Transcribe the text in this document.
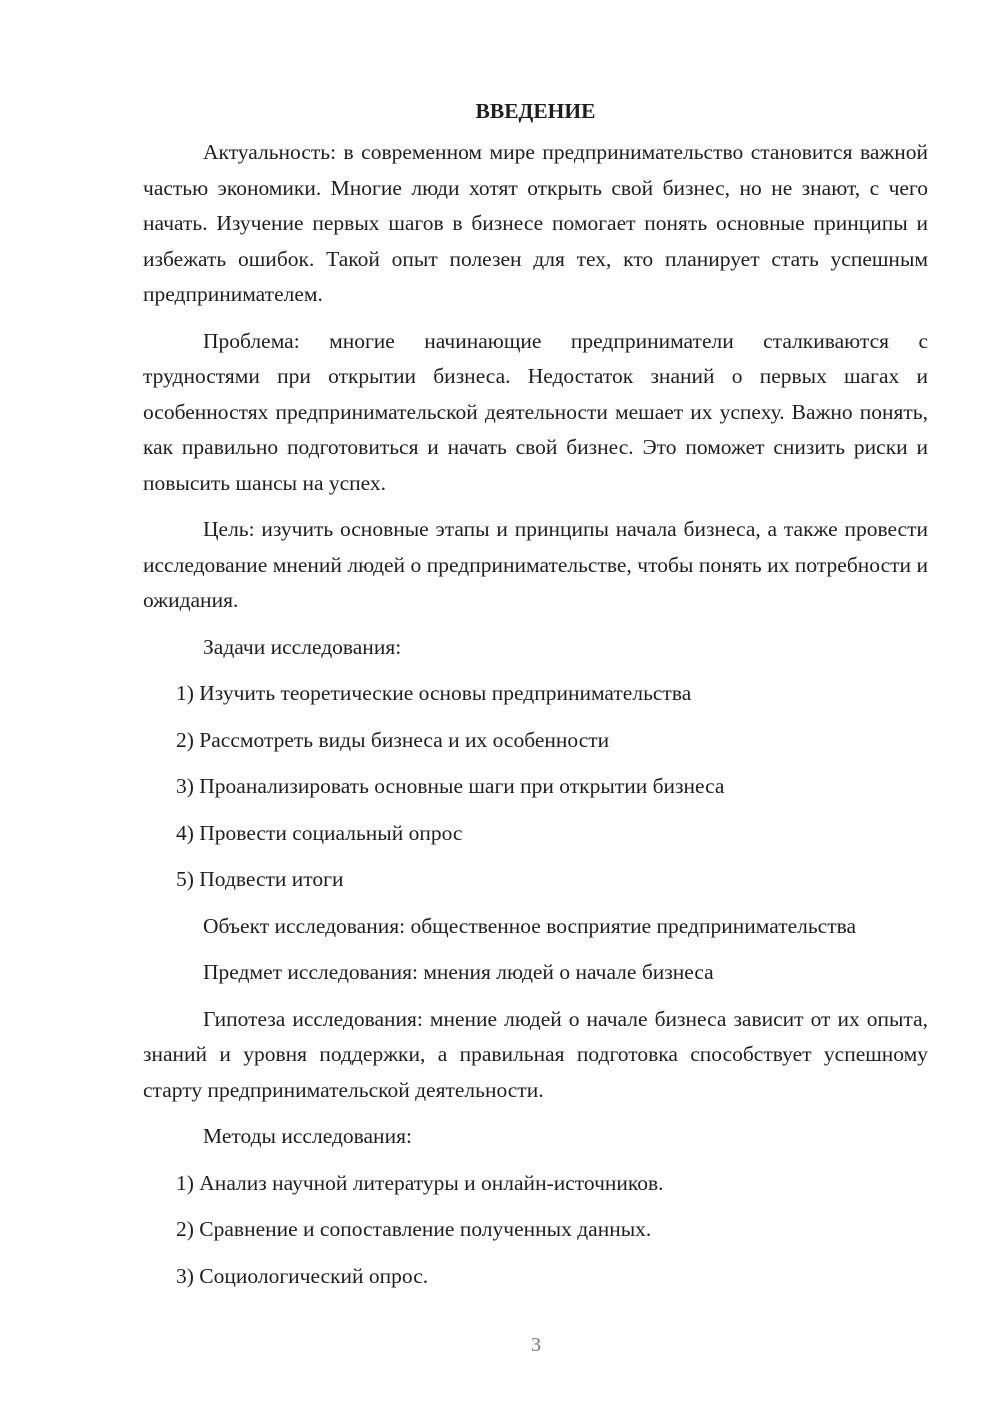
ВВЕДЕНИЕ

Актуальность: в современном мире предпринимательство становится важной частью экономики. Многие люди хотят открыть свой бизнес, но не знают, с чего начать. Изучение первых шагов в бизнесе помогает понять основные принципы и избежать ошибок. Такой опыт полезен для тех, кто планирует стать успешным предпринимателем.

Проблема: многие начинающие предприниматели сталкиваются с трудностями при открытии бизнеса. Недостаток знаний о первых шагах и особенностях предпринимательской деятельности мешает их успеху. Важно понять, как правильно подготовиться и начать свой бизнес. Это поможет снизить риски и повысить шансы на успех.

Цель: изучить основные этапы и принципы начала бизнеса, а также провести исследование мнений людей о предпринимательстве, чтобы понять их потребности и ожидания.

Задачи исследования:

1) Изучить теоретические основы предпринимательства

2) Рассмотреть виды бизнеса и их особенности

3) Проанализировать основные шаги при открытии бизнеса

4) Провести социальный опрос

5) Подвести итоги

Объект исследования: общественное восприятие предпринимательства

Предмет исследования: мнения людей о начале бизнеса

Гипотеза исследования: мнение людей о начале бизнеса зависит от их опыта, знаний и уровня поддержки, а правильная подготовка способствует успешному старту предпринимательской деятельности.

Методы исследования:

1) Анализ научной литературы и онлайн-источников.

2) Сравнение и сопоставление полученных данных.

3) Социологический опрос.

3
